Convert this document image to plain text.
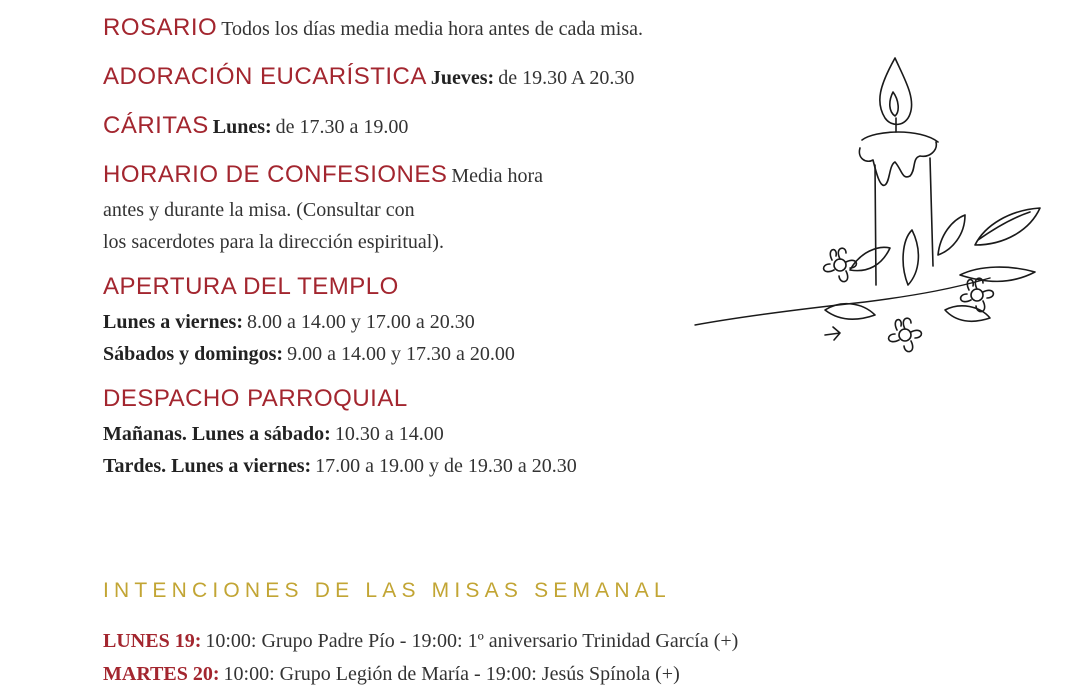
ROSARIO Todos los días media media hora antes de cada misa.
ADORACIÓN EUCARÍSTICA Jueves: de 19.30 A 20.30
CÁRITAS Lunes: de 17.30 a 19.00
HORARIO DE CONFESIONES Media hora
antes y durante la misa. (Consultar con
los sacerdotes para la dirección espiritual).
APERTURA DEL TEMPLO
Lunes a viernes: 8.00 a 14.00 y 17.00 a 20.30
Sábados y domingos: 9.00 a 14.00 y 17.30 a 20.00
DESPACHO PARROQUIAL
Mañanas. Lunes a sábado: 10.30 a 14.00
Tardes. Lunes a viernes: 17.00 a 19.00 y de 19.30 a 20.30
INTENCIONES DE LAS MISAS SEMANAL
LUNES 19: 10:00: Grupo Padre Pío - 19:00: 1º aniversario Trinidad García (+)
MARTES 20: 10:00: Grupo Legión de María - 19:00: Jesús Spínola (+)
